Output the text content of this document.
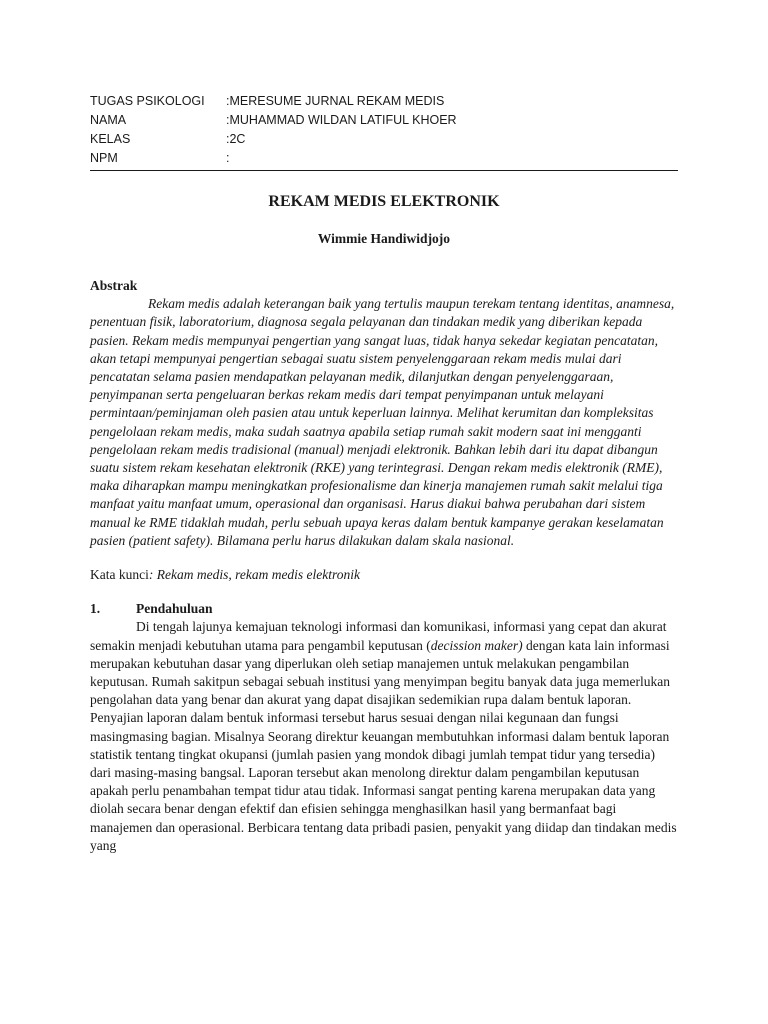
TUGAS PSIKOLOGI	:MERESUME JURNAL REKAM MEDIS
NAMA	:MUHAMMAD WILDAN LATIFUL KHOER
KELAS	:2C
NPM	:
REKAM MEDIS ELEKTRONIK
Wimmie Handiwidjojo
Abstrak
Rekam medis adalah keterangan baik yang tertulis maupun terekam tentang identitas, anamnesa, penentuan fisik, laboratorium, diagnosa segala pelayanan dan tindakan medik yang diberikan kepada pasien. Rekam medis mempunyai pengertian yang sangat luas, tidak hanya sekedar kegiatan pencatatan, akan tetapi mempunyai pengertian sebagai suatu sistem penyelenggaraan rekam medis mulai dari pencatatan selama pasien mendapatkan pelayanan medik, dilanjutkan dengan penyelenggaraan, penyimpanan serta pengeluaran berkas rekam medis dari tempat penyimpanan untuk melayani permintaan/peminjaman oleh pasien atau untuk keperluan lainnya. Melihat kerumitan dan kompleksitas pengelolaan rekam medis, maka sudah saatnya apabila setiap rumah sakit modern saat ini mengganti pengelolaan rekam medis tradisional (manual) menjadi elektronik. Bahkan lebih dari itu dapat dibangun suatu sistem rekam kesehatan elektronik (RKE) yang terintegrasi. Dengan rekam medis elektronik (RME), maka diharapkan mampu meningkatkan profesionalisme dan kinerja manajemen rumah sakit melalui tiga manfaat yaitu manfaat umum, operasional dan organisasi. Harus diakui bahwa perubahan dari sistem manual ke RME tidaklah mudah, perlu sebuah upaya keras dalam bentuk kampanye gerakan keselamatan pasien (patient safety). Bilamana perlu harus dilakukan dalam skala nasional.
Kata kunci: Rekam medis, rekam medis elektronik
1.	Pendahuluan
Di tengah lajunya kemajuan teknologi informasi dan komunikasi, informasi yang cepat dan akurat semakin menjadi kebutuhan utama para pengambil keputusan (decission maker) dengan kata lain informasi merupakan kebutuhan dasar yang diperlukan oleh setiap manajemen untuk melakukan pengambilan keputusan. Rumah sakitpun sebagai sebuah institusi yang menyimpan begitu banyak data juga memerlukan pengolahan data yang benar dan akurat yang dapat disajikan sedemikian rupa dalam bentuk laporan. Penyajian laporan dalam bentuk informasi tersebut harus sesuai dengan nilai kegunaan dan fungsi masingmasing bagian. Misalnya Seorang direktur keuangan membutuhkan informasi dalam bentuk laporan statistik tentang tingkat okupansi (jumlah pasien yang mondok dibagi jumlah tempat tidur yang tersedia) dari masing-masing bangsal. Laporan tersebut akan menolong direktur dalam pengambilan keputusan apakah perlu penambahan tempat tidur atau tidak. Informasi sangat penting karena merupakan data yang diolah secara benar dengan efektif dan efisien sehingga menghasilkan hasil yang bermanfaat bagi manajemen dan operasional. Berbicara tentang data pribadi pasien, penyakit yang diidap dan tindakan medis yang
